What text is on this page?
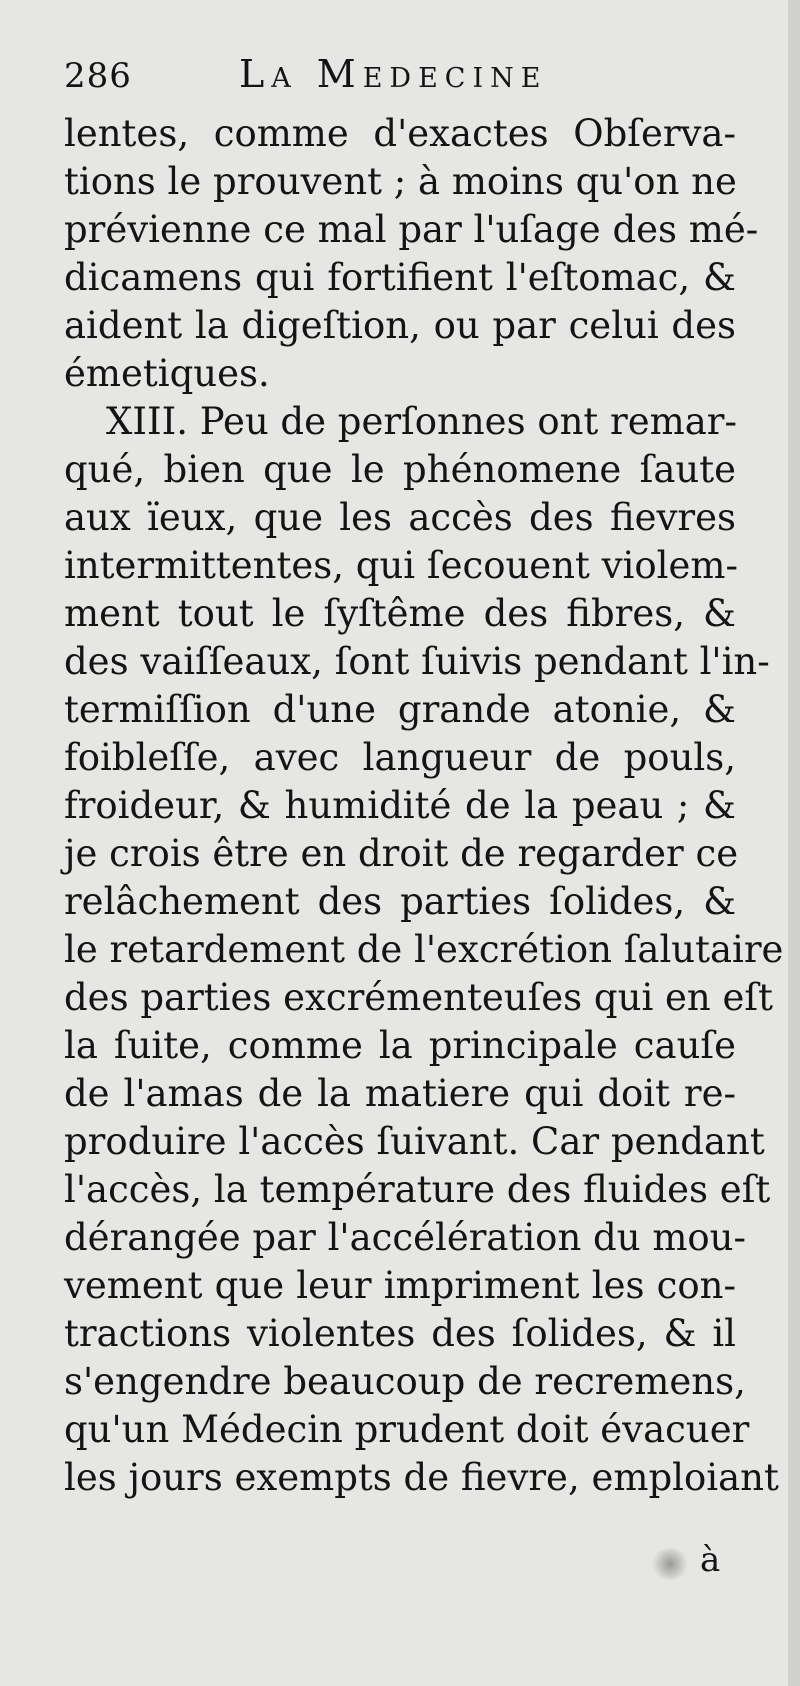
286	La Medecine
lentes, comme d'exactes Obſerva-
tions le prouvent ; à moins qu'on ne
prévienne ce mal par l'uſage des mé-
dicamens qui fortifient l'eſtomac, &
aident la digeſtion, ou par celui des
émetiques.
XIII. Peu de perſonnes ont remar-
qué, bien que le phénomene ſaute
aux ïeux, que les accès des fievres
intermittentes, qui ſecouent violem-
ment tout le ſyſtême des fibres, &
des vaiſſeaux, ſont ſuivis pendant l'in-
termiſſion d'une grande atonie, &
foibleſſe, avec langueur de pouls,
froideur, & humidité de la peau ; &
je crois être en droit de regarder ce
relâchement des parties ſolides, &
le retardement de l'excrétion ſalutaire
des parties excrémenteuſes qui en eſt
la ſuite, comme la principale cauſe
de l'amas de la matiere qui doit re-
produire l'accès ſuivant. Car pendant
l'accès, la température des fluides eſt
dérangée par l'accélération du mou-
vement que leur impriment les con-
tractions violentes des ſolides, & il
s'engendre beaucoup de recremens,
qu'un Médecin prudent doit évacuer
les jours exempts de fievre, emploiant
à
